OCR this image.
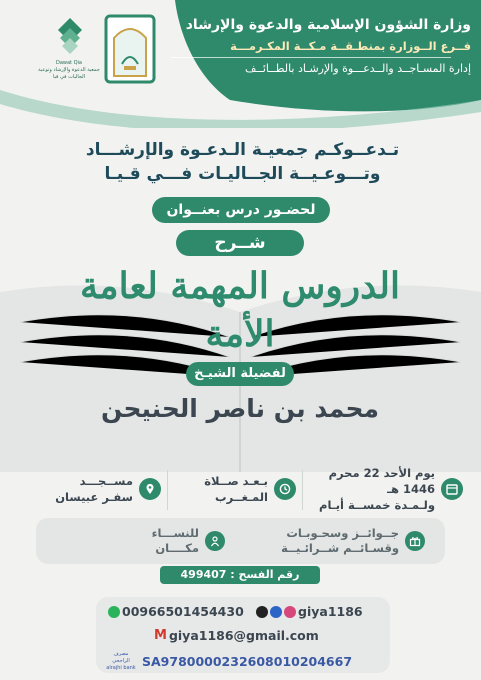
Dawat Qia
جمعية الدعوة والإرشاد وتوعية الجاليات في قيا
وزارة الشؤون الإسلامية والدعوة والإرشاد
فــرع الــوزارة بمنطـقــة مـكــة المكـرمـــة
إدارة المسـاجــد والــدعـــوة والإرشـاد بالطــائــف
تـدعــوكـم جمعيـة الـدعـوة والإرشـــاد
وتـــوعـيــة الجــاليـات فـــي قـيـا
لحضـور درس بعنــوان
شــرح
الدروس المهمة لعامة الأمة
لفضيلة الشيـخ
محمد بن ناصر الحنيحن
يوم الأحد 22 محرم 1446 هـ
ولـمـدة خمســة أيـام
بـعـد صــلاة
المـغــرب
مســجـــد
سفـر عبيسان
جــوائــز وسحـوبـات
وقسـائــم شــرائـيــة
للنســـاء
مكــــان
رقم الفسح : 499407
00966501454430	giya1186
M giya1186@gmail.com
مصرف الراجحي
alrajhi bank SA9780000232608010204667
